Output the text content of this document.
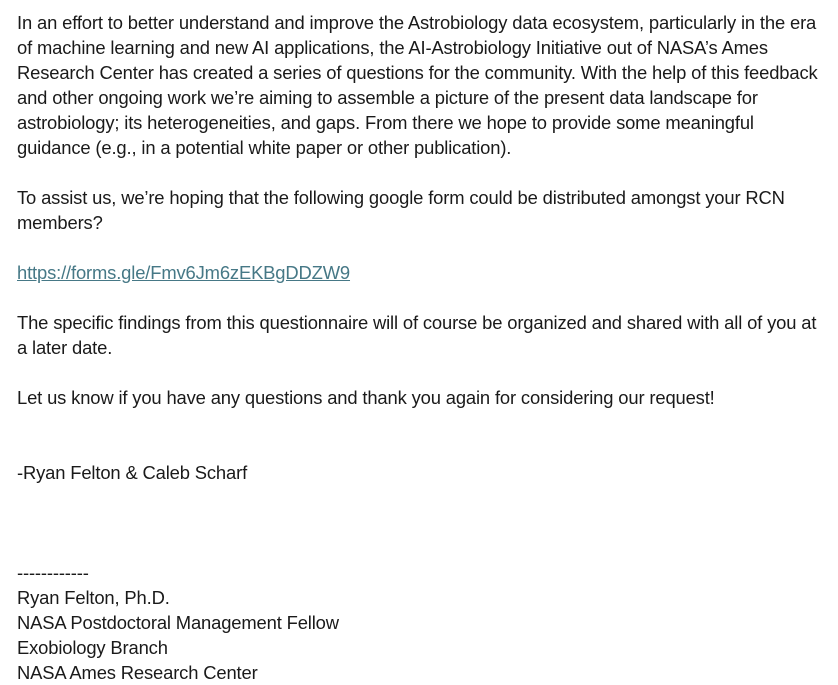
In an effort to better understand and improve the Astrobiology data ecosystem, particularly in the era of machine learning and new AI applications, the AI-Astrobiology Initiative out of NASA’s Ames Research Center has created a series of questions for the community. With the help of this feedback and other ongoing work we’re aiming to assemble a picture of the present data landscape for astrobiology; its heterogeneities, and gaps. From there we hope to provide some meaningful guidance (e.g., in a potential white paper or other publication).

To assist us, we’re hoping that the following google form could be distributed amongst your RCN members?

https://forms.gle/Fmv6Jm6zEKBgDDZW9

The specific findings from this questionnaire will of course be organized and shared with all of you at a later date.

Let us know if you have any questions and thank you again for considering our request!

-Ryan Felton & Caleb Scharf

------------
Ryan Felton, Ph.D.
NASA Postdoctoral Management Fellow
Exobiology Branch
NASA Ames Research Center
